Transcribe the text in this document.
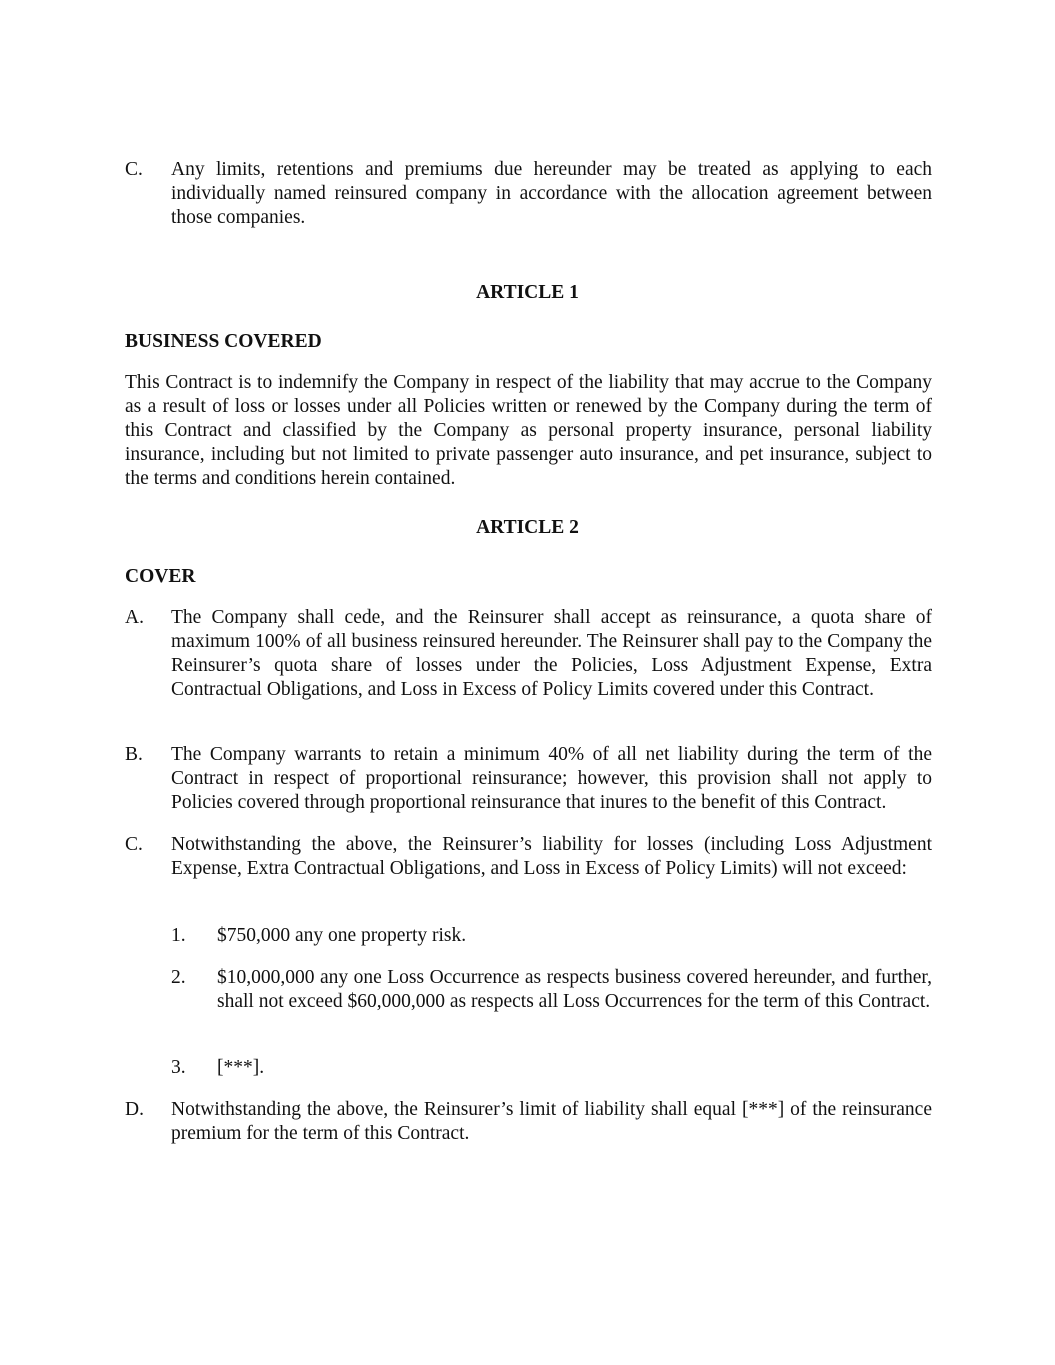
C. Any limits, retentions and premiums due hereunder may be treated as applying to each individually named reinsured company in accordance with the allocation agreement between those companies.
ARTICLE 1
BUSINESS COVERED
This Contract is to indemnify the Company in respect of the liability that may accrue to the Company as a result of loss or losses under all Policies written or renewed by the Company during the term of this Contract and classified by the Company as personal property insurance, personal liability insurance, including but not limited to private passenger auto insurance, and pet insurance, subject to the terms and conditions herein contained.
ARTICLE 2
COVER
A. The Company shall cede, and the Reinsurer shall accept as reinsurance, a quota share of maximum 100% of all business reinsured hereunder. The Reinsurer shall pay to the Company the Reinsurer’s quota share of losses under the Policies, Loss Adjustment Expense, Extra Contractual Obligations, and Loss in Excess of Policy Limits covered under this Contract.
B. The Company warrants to retain a minimum 40% of all net liability during the term of the Contract in respect of proportional reinsurance; however, this provision shall not apply to Policies covered through proportional reinsurance that inures to the benefit of this Contract.
C. Notwithstanding the above, the Reinsurer’s liability for losses (including Loss Adjustment Expense, Extra Contractual Obligations, and Loss in Excess of Policy Limits) will not exceed:
1. $750,000 any one property risk.
2. $10,000,000 any one Loss Occurrence as respects business covered hereunder, and further, shall not exceed $60,000,000 as respects all Loss Occurrences for the term of this Contract.
3. [***].
D. Notwithstanding the above, the Reinsurer’s limit of liability shall equal [***] of the reinsurance premium for the term of this Contract.
